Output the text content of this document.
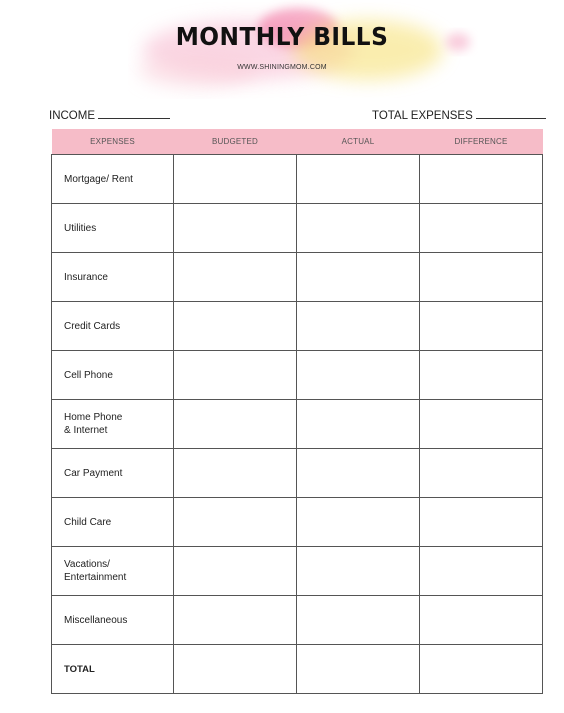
MONTHLY BILLS
WWW.SHININGMOM.COM
INCOME	TOTAL EXPENSES
EXPENSES	BUDGETED	ACTUAL	DIFFERENCE
Mortgage/ Rent			
Utilities			
Insurance			
Credit Cards			
Cell Phone			
Home Phone
& Internet			
Car Payment			
Child Care			
Vacations/
Entertainment			
Miscellaneous			
TOTAL			
